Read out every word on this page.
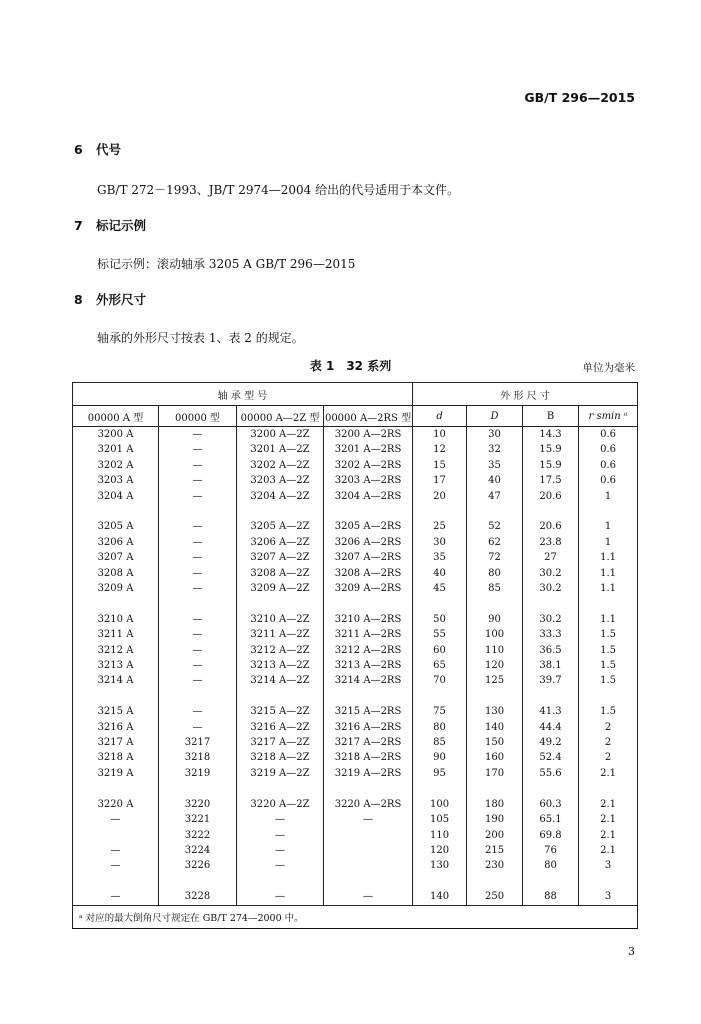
GB/T 296—2015
6 代号
GB/T 272－1993、JB/T 2974—2004 给出的代号适用于本文件。
7 标记示例
标记示例：滚动轴承 3205 A GB/T 296—2015
8 外形尺寸
轴承的外形尺寸按表 1、表 2 的规定。
表 1　32 系列	单位为毫米
轴 承 型 号				外 形 尺 寸			
00000 A 型	00000 型	00000 A—2Z 型	00000 A—2RS 型	d	D	B	r smin ᵃ
3200 A	—	3200 A—2Z	3200 A—2RS	10	30	14.3	0.6
3201 A	—	3201 A—2Z	3201 A—2RS	12	32	15.9	0.6
3202 A	—	3202 A—2Z	3202 A—2RS	15	35	15.9	0.6
3203 A	—	3203 A—2Z	3203 A—2RS	17	40	17.5	0.6
3204 A	—	3204 A—2Z	3204 A—2RS	20	47	20.6	1

3205 A	—	3205 A—2Z	3205 A—2RS	25	52	20.6	1
3206 A	—	3206 A—2Z	3206 A—2RS	30	62	23.8	1
3207 A	—	3207 A—2Z	3207 A—2RS	35	72	27	1.1
3208 A	—	3208 A—2Z	3208 A—2RS	40	80	30.2	1.1
3209 A	—	3209 A—2Z	3209 A—2RS	45	85	30.2	1.1

3210 A	—	3210 A—2Z	3210 A—2RS	50	90	30.2	1.1
3211 A	—	3211 A—2Z	3211 A—2RS	55	100	33.3	1.5
3212 A	—	3212 A—2Z	3212 A—2RS	60	110	36.5	1.5
3213 A	—	3213 A—2Z	3213 A—2RS	65	120	38.1	1.5
3214 A	—	3214 A—2Z	3214 A—2RS	70	125	39.7	1.5

3215 A	—	3215 A—2Z	3215 A—2RS	75	130	41.3	1.5
3216 A	—	3216 A—2Z	3216 A—2RS	80	140	44.4	2
3217 A	3217	3217 A—2Z	3217 A—2RS	85	150	49.2	2
3218 A	3218	3218 A—2Z	3218 A—2RS	90	160	52.4	2
3219 A	3219	3219 A—2Z	3219 A—2RS	95	170	55.6	2.1

3220 A	3220	3220 A—2Z	3220 A—2RS	100	180	60.3	2.1
—	3221	—	—	105	190	65.1	2.1
	3222	—		110	200	69.8	2.1
—	3224	—		120	215	76	2.1
—	3226	—		130	230	80	3

—	3228	—	—	140	250	88	3
ᵃ 对应的最大倒角尺寸规定在 GB/T 274—2000 中。							
3
